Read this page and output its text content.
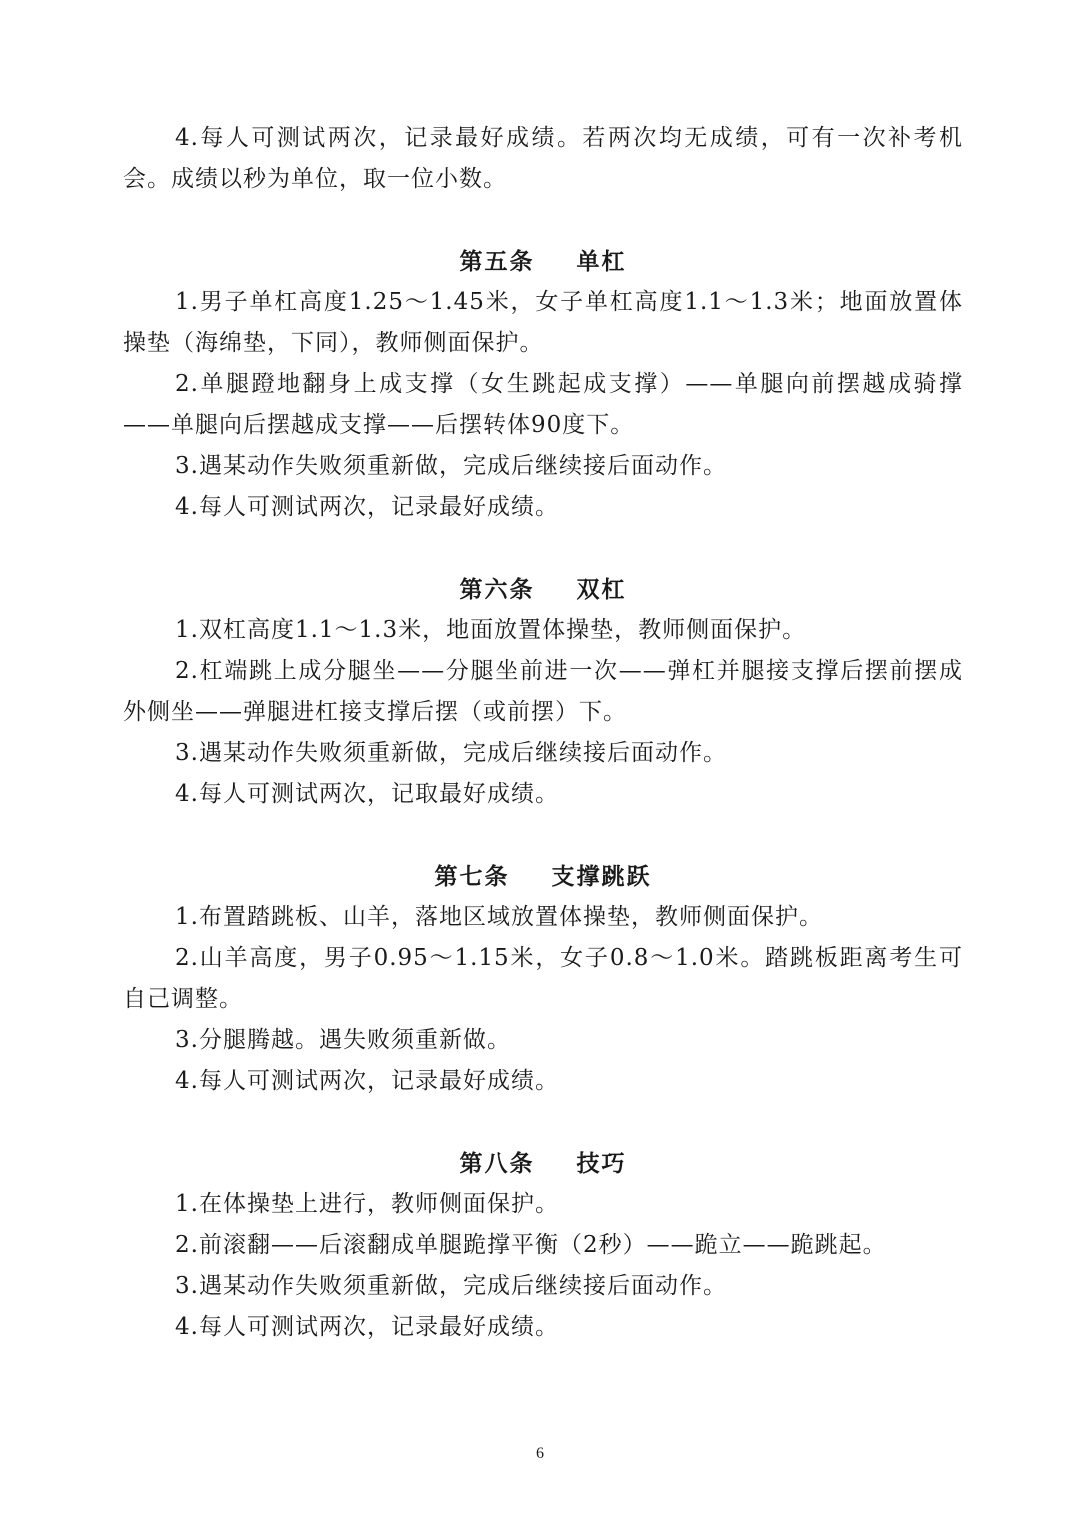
4.每人可测试两次，记录最好成绩。若两次均无成绩，可有一次补考机会。成绩以秒为单位，取一位小数。

第五条 单杠

1.男子单杠高度1.25～1.45米，女子单杠高度1.1～1.3米；地面放置体操垫（海绵垫，下同），教师侧面保护。

2.单腿蹬地翻身上成支撑（女生跳起成支撑）——单腿向前摆越成骑撑——单腿向后摆越成支撑——后摆转体90度下。

3.遇某动作失败须重新做，完成后继续接后面动作。

4.每人可测试两次，记录最好成绩。

第六条 双杠

1.双杠高度1.1～1.3米，地面放置体操垫，教师侧面保护。

2.杠端跳上成分腿坐——分腿坐前进一次——弹杠并腿接支撑后摆前摆成外侧坐——弹腿进杠接支撑后摆（或前摆）下。

3.遇某动作失败须重新做，完成后继续接后面动作。

4.每人可测试两次，记取最好成绩。

第七条 支撑跳跃

1.布置踏跳板、山羊，落地区域放置体操垫，教师侧面保护。

2.山羊高度，男子0.95～1.15米，女子0.8～1.0米。踏跳板距离考生可自己调整。

3.分腿腾越。遇失败须重新做。

4.每人可测试两次，记录最好成绩。

第八条 技巧

1.在体操垫上进行，教师侧面保护。

2.前滚翻——后滚翻成单腿跪撑平衡（2秒）——跪立——跪跳起。

3.遇某动作失败须重新做，完成后继续接后面动作。

4.每人可测试两次，记录最好成绩。

6
